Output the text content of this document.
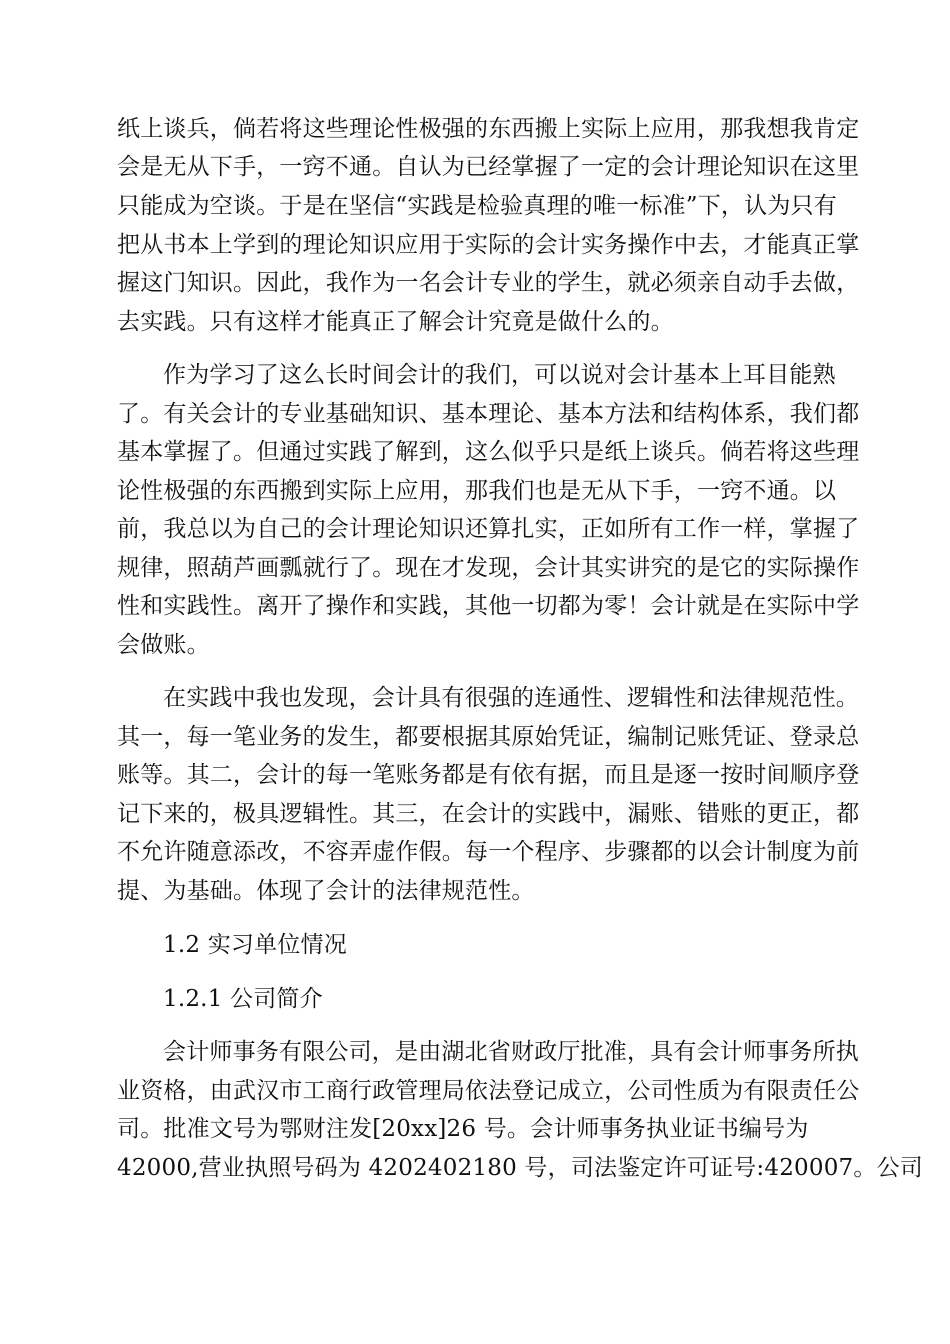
纸上谈兵，倘若将这些理论性极强的东西搬上实际上应用，那我想我肯定
会是无从下手，一窍不通。自认为已经掌握了一定的会计理论知识在这里
只能成为空谈。于是在坚信“实践是检验真理的唯一标准”下，认为只有
把从书本上学到的理论知识应用于实际的会计实务操作中去，才能真正掌
握这门知识。因此，我作为一名会计专业的学生，就必须亲自动手去做，
去实践。只有这样才能真正了解会计究竟是做什么的。
作为学习了这么长时间会计的我们，可以说对会计基本上耳目能熟
了。有关会计的专业基础知识、基本理论、基本方法和结构体系，我们都
基本掌握了。但通过实践了解到，这么似乎只是纸上谈兵。倘若将这些理
论性极强的东西搬到实际上应用，那我们也是无从下手，一窍不通。以
前，我总以为自己的会计理论知识还算扎实，正如所有工作一样，掌握了
规律，照葫芦画瓢就行了。现在才发现，会计其实讲究的是它的实际操作
性和实践性。离开了操作和实践，其他一切都为零！会计就是在实际中学
会做账。
在实践中我也发现，会计具有很强的连通性、逻辑性和法律规范性。
其一，每一笔业务的发生，都要根据其原始凭证，编制记账凭证、登录总
账等。其二，会计的每一笔账务都是有依有据，而且是逐一按时间顺序登
记下来的，极具逻辑性。其三，在会计的实践中，漏账、错账的更正，都
不允许随意添改，不容弄虚作假。每一个程序、步骤都的以会计制度为前
提、为基础。体现了会计的法律规范性。
1.2 实习单位情况
1.2.1 公司简介
会计师事务有限公司，是由湖北省财政厅批准，具有会计师事务所执
业资格，由武汉市工商行政管理局依法登记成立，公司性质为有限责任公
司。批准文号为鄂财注发[20xx]26 号。会计师事务执业证书编号为
42000,营业执照号码为 4202402180 号，司法鉴定许可证号:420007。公司
